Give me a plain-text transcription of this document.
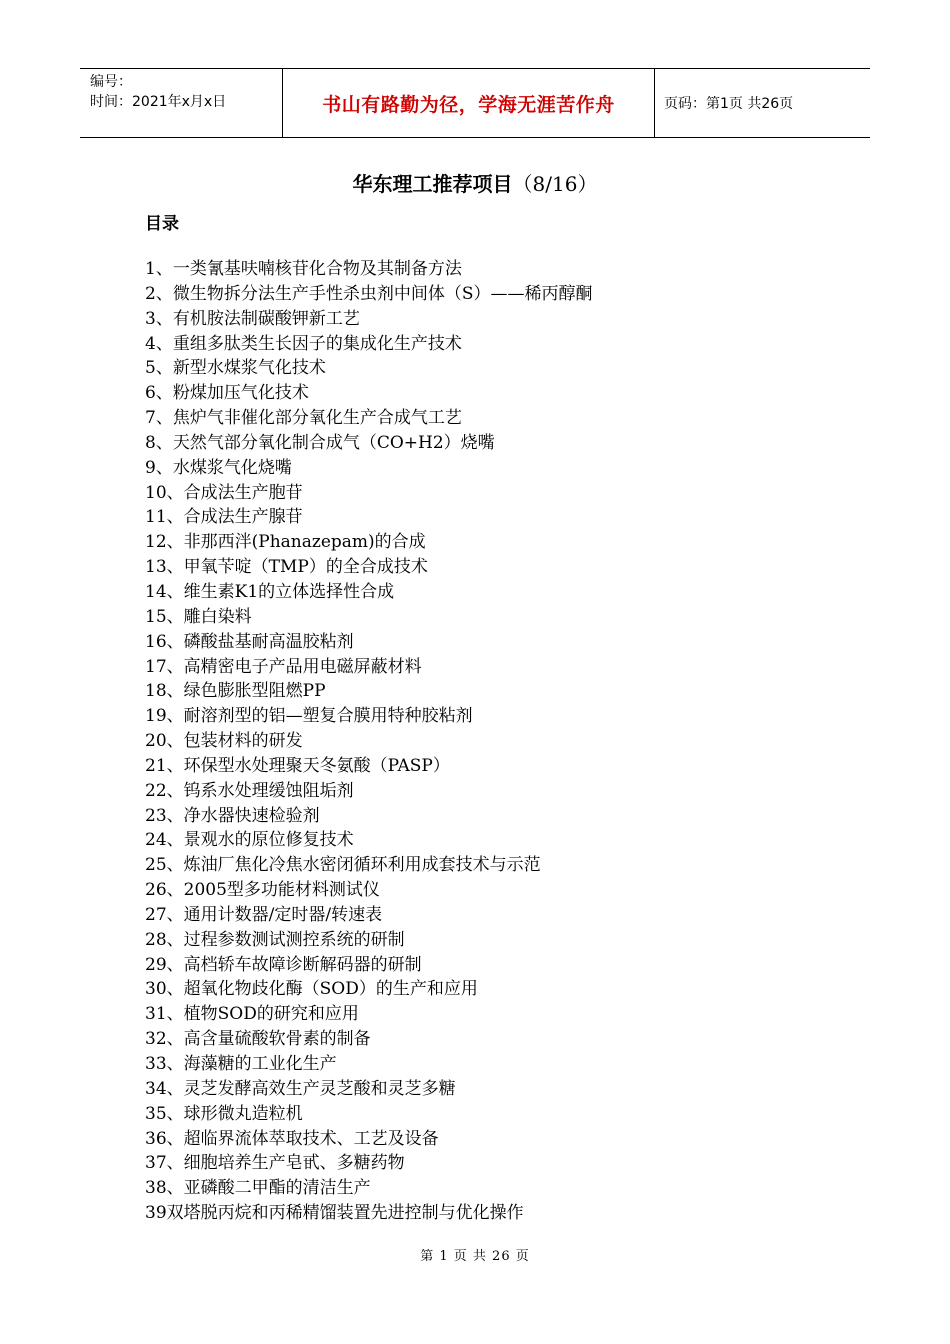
编号：
时间：2021年x月x日	书山有路勤为径，学海无涯苦作舟	页码：第1页 共26页
华东理工推荐项目（8/16）
目录
1、一类氰基呋喃核苷化合物及其制备方法
2、微生物拆分法生产手性杀虫剂中间体（S）——稀丙醇酮
3、有机胺法制碳酸钾新工艺
4、重组多肽类生长因子的集成化生产技术
5、新型水煤浆气化技术
6、粉煤加压气化技术
7、焦炉气非催化部分氧化生产合成气工艺
8、天然气部分氧化制合成气（CO+H2）烧嘴
9、水煤浆气化烧嘴
10、合成法生产胞苷
11、合成法生产腺苷
12、非那西泮(Phanazepam)的合成
13、甲氧苄啶（TMP）的全合成技术
14、维生素K1的立体选择性合成
15、雕白染料
16、磷酸盐基耐高温胶粘剂
17、高精密电子产品用电磁屏蔽材料
18、绿色膨胀型阻燃PP
19、耐溶剂型的铝—塑复合膜用特种胶粘剂
20、包装材料的研发
21、环保型水处理聚天冬氨酸（PASP）
22、钨系水处理缓蚀阻垢剂
23、净水器快速检验剂
24、景观水的原位修复技术
25、炼油厂焦化冷焦水密闭循环利用成套技术与示范
26、2005型多功能材料测试仪
27、通用计数器/定时器/转速表
28、过程参数测试测控系统的研制
29、高档轿车故障诊断解码器的研制
30、超氧化物歧化酶（SOD）的生产和应用
31、植物SOD的研究和应用
32、高含量硫酸软骨素的制备
33、海藻糖的工业化生产
34、灵芝发酵高效生产灵芝酸和灵芝多糖
35、球形微丸造粒机
36、超临界流体萃取技术、工艺及设备
37、细胞培养生产皂甙、多糖药物
38、亚磷酸二甲酯的清洁生产
39双塔脱丙烷和丙稀精馏装置先进控制与优化操作
第 1 页 共 26 页
